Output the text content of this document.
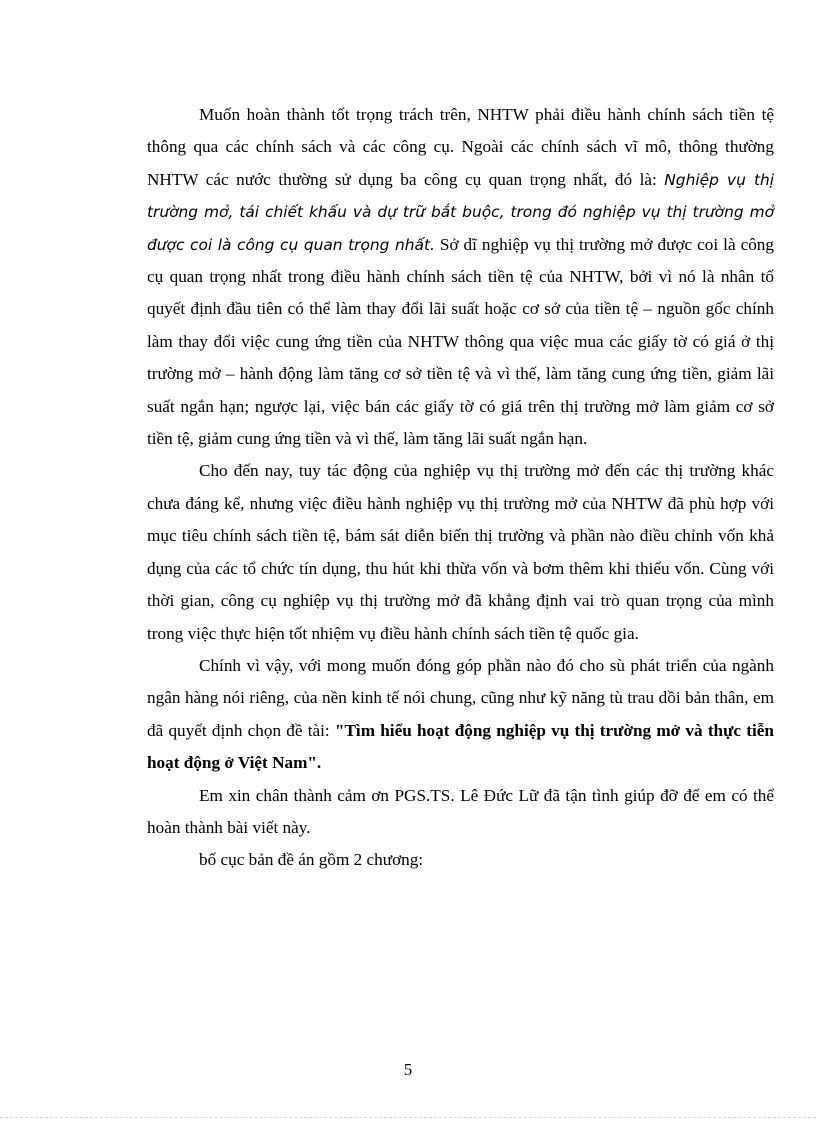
Muốn hoàn thành tốt trọng trách trên, NHTW phải điều hành chính sách tiền tệ thông qua các chính sách và các công cụ. Ngoài các chính sách vĩ mô, thông thường NHTW các nước thường sử dụng ba công cụ quan trọng nhất, đó là: Nghiệp vụ thị trường mở, tái chiết khấu và dự trữ bắt buộc, trong đó nghiệp vụ thị trường mở được coi là công cụ quan trọng nhất. Sở dĩ nghiệp vụ thị trường mở được coi là công cụ quan trọng nhất trong điều hành chính sách tiền tệ của NHTW, bởi vì nó là nhân tố quyết định đầu tiên có thể làm thay đổi lãi suất hoặc cơ sở của tiền tệ – nguồn gốc chính làm thay đổi việc cung ứng tiền của NHTW thông qua việc mua các giấy tờ có giá ở thị trường mở – hành động làm tăng cơ sở tiền tệ và vì thế, làm tăng cung ứng tiền, giảm lãi suất ngắn hạn; ngược lại, việc bán các giấy tờ có giá trên thị trường mở làm giảm cơ sở tiền tệ, giảm cung ứng tiền và vì thế, làm tăng lãi suất ngắn hạn.

Cho đến nay, tuy tác động của nghiệp vụ thị trường mở đến các thị trường khác chưa đáng kể, nhưng việc điều hành nghiệp vụ thị trường mở của NHTW đã phù hợp với mục tiêu chính sách tiền tệ, bám sát diễn biến thị trường và phần nào điều chỉnh vốn khả dụng của các tổ chức tín dụng, thu hút khi thừa vốn và bơm thêm khi thiếu vốn. Cùng với thời gian, công cụ nghiệp vụ thị trường mở đã khẳng định vai trò quan trọng của mình trong việc thực hiện tốt nhiệm vụ điều hành chính sách tiền tệ quốc gia.

Chính vì vậy, với mong muốn đóng góp phần nào đó cho sù phát triển của ngành ngân hàng nói riêng, của nền kinh tế nói chung, cũng như kỹ năng tù trau dồi bản thân, em đã quyết định chọn đề tài: "Tìm hiểu hoạt động nghiệp vụ thị trường mở và thực tiễn hoạt động ở Việt Nam".

Em xin chân thành cảm ơn PGS.TS. Lê Đức Lữ đã tận tình giúp đỡ để em có thể hoàn thành bài viết này.

bố cục bản đề án gồm 2 chương:

5
